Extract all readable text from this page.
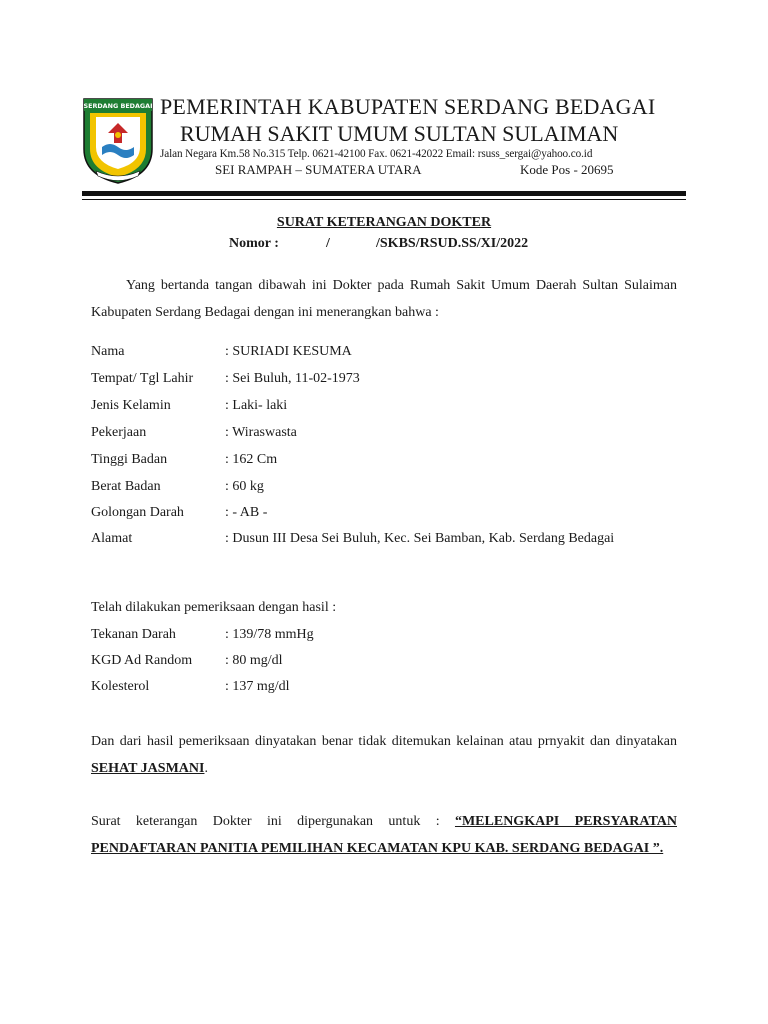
SERDANG BEDAGAI PEMERINTAH KABUPATEN SERDANG BEDAGAI
RUMAH SAKIT UMUM SULTAN SULAIMAN
Jalan Negara Km.58 No.315 Telp. 0621-42100 Fax. 0621-42022 Email: rsuss_sergai@yahoo.co.id
SEI RAMPAH – SUMATERA UTARA	Kode Pos - 20695
SURAT KETERANGAN DOKTER
Nomor :	/	/SKBS/RSUD.SS/XI/2022
Yang bertanda tangan dibawah ini Dokter pada Rumah Sakit Umum Daerah Sultan Sulaiman Kabupaten Serdang Bedagai dengan ini menerangkan bahwa :
Nama	: SURIADI KESUMA
Tempat/ Tgl Lahir : Sei Buluh, 11-02-1973
Jenis Kelamin	: Laki- laki
Pekerjaan	: Wiraswasta
Tinggi Badan	: 162 Cm
Berat Badan	: 60 kg
Golongan Darah	: - AB -
Alamat	: Dusun III Desa Sei Buluh, Kec. Sei Bamban, Kab. Serdang Bedagai
Telah dilakukan pemeriksaan dengan hasil :
Tekanan Darah	: 139/78 mmHg
KGD Ad Random : 80 mg/dl
Kolesterol	: 137 mg/dl
Dan dari hasil pemeriksaan dinyatakan benar tidak ditemukan kelainan atau prnyakit dan dinyatakan SEHAT JASMANI.
Surat keterangan Dokter ini dipergunakan untuk : “MELENGKAPI PERSYARATAN PENDAFTARAN PANITIA PEMILIHAN KECAMATAN KPU KAB. SERDANG BEDAGAI ”.
